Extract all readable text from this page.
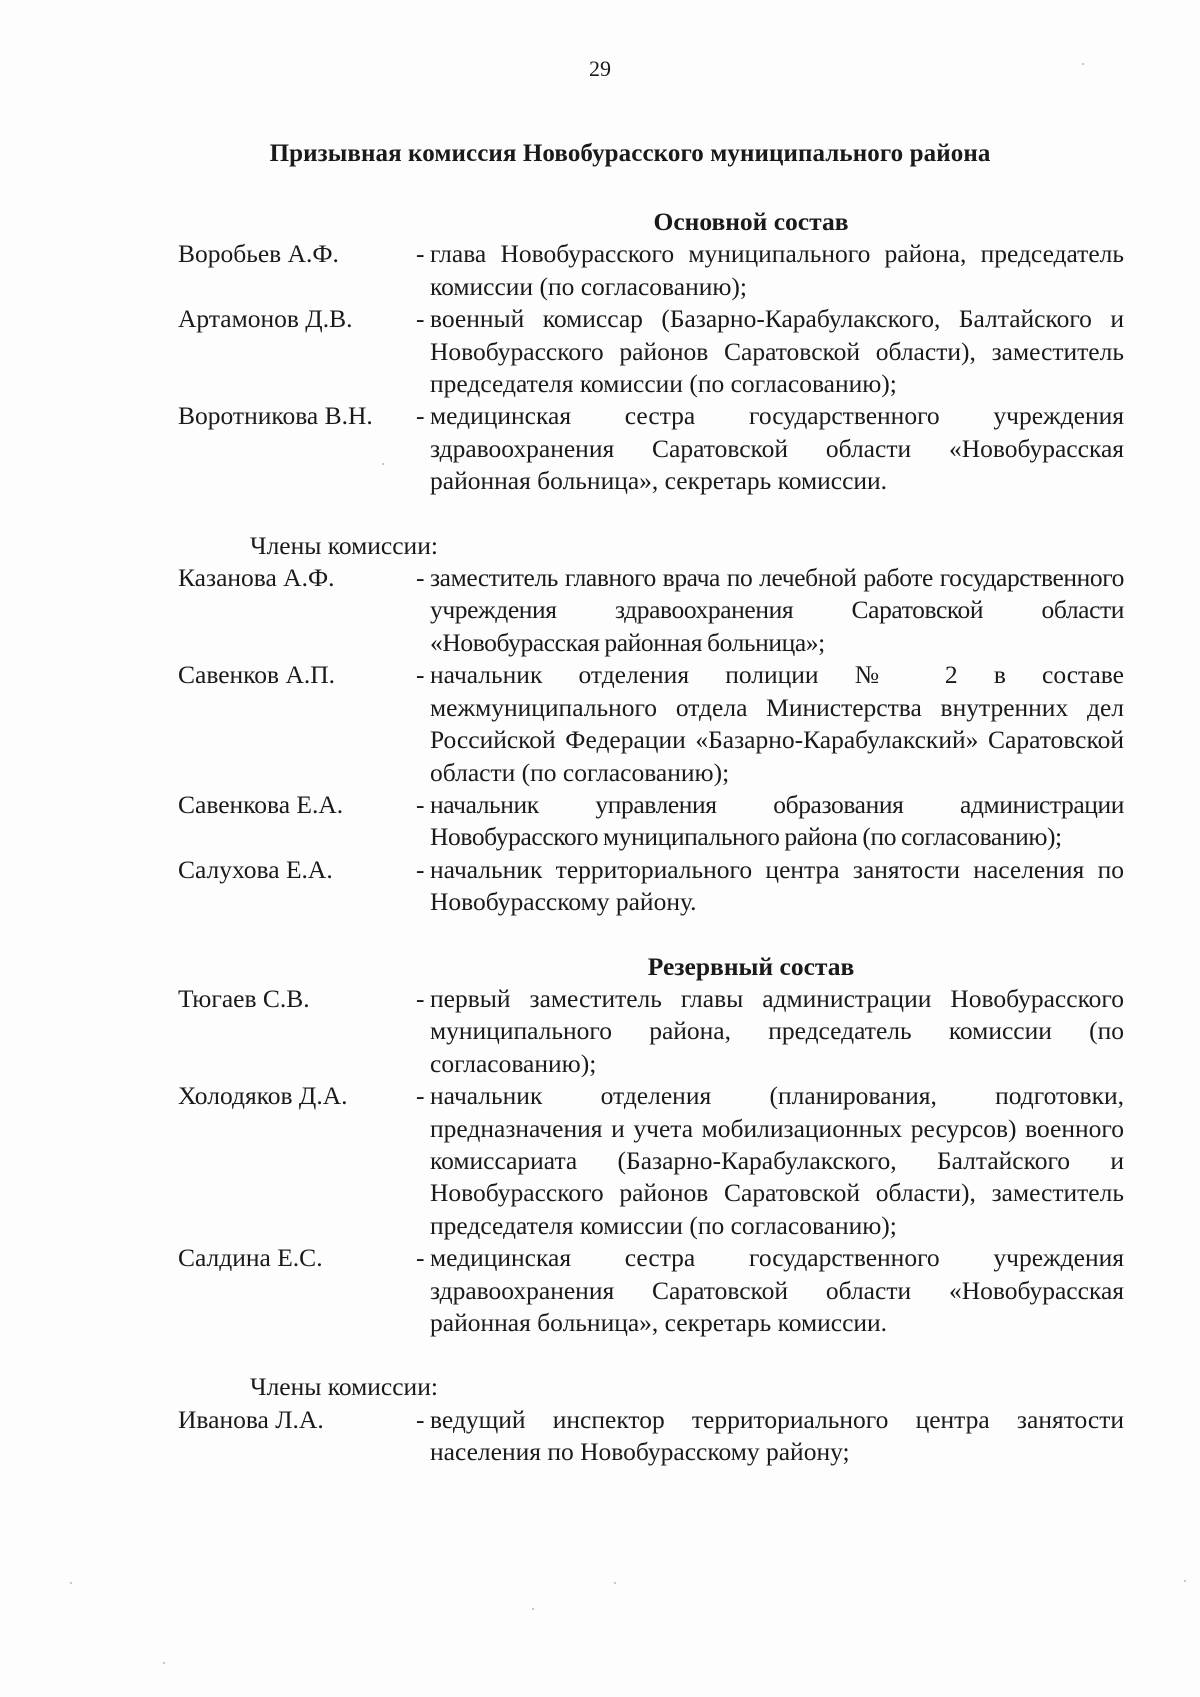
29
Призывная комиссия Новобурасского муниципального района
Основной состав
Воробьев А.Ф.	- глава Новобурасского муниципального района, председатель комиссии (по согласованию);
Артамонов Д.В.	- военный комиссар (Базарно-Карабулакского, Балтайского и Новобурасского районов Саратовской области), заместитель председателя комиссии (по согласованию);
Воротникова В.Н.	- медицинская сестра государственного учреждения здравоохранения Саратовской области «Новобурасская районная больница», секретарь комиссии.
Члены комиссии:
Казанова А.Ф.	- заместитель главного врача по лечебной работе государственного учреждения здравоохранения Саратовской области «Новобурасская районная больница»;
Савенков А.П.	- начальник отделения полиции № 2 в составе межмуниципального отдела Министерства внутренних дел Российской Федерации «Базарно-Карабулакский» Саратовской области (по согласованию);
Савенкова Е.А.	- начальник управления образования администрации Новобурасского муниципального района (по согласованию);
Салухова Е.А.	- начальник территориального центра занятости населения по Новобурасскому району.
Резервный состав
Тюгаев С.В.	- первый заместитель главы администрации Новобурасского муниципального района, председатель комиссии (по согласованию);
Холодяков Д.А.	- начальник отделения (планирования, подготовки, предназначения и учета мобилизационных ресурсов) военного комиссариата (Базарно-Карабулакского, Балтайского и Новобурасского районов Саратовской области), заместитель председателя комиссии (по согласованию);
Салдина Е.С.	- медицинская сестра государственного учреждения здравоохранения Саратовской области «Новобурасская районная больница», секретарь комиссии.
Члены комиссии:
Иванова Л.А.	- ведущий инспектор территориального центра занятости населения по Новобурасскому району;
